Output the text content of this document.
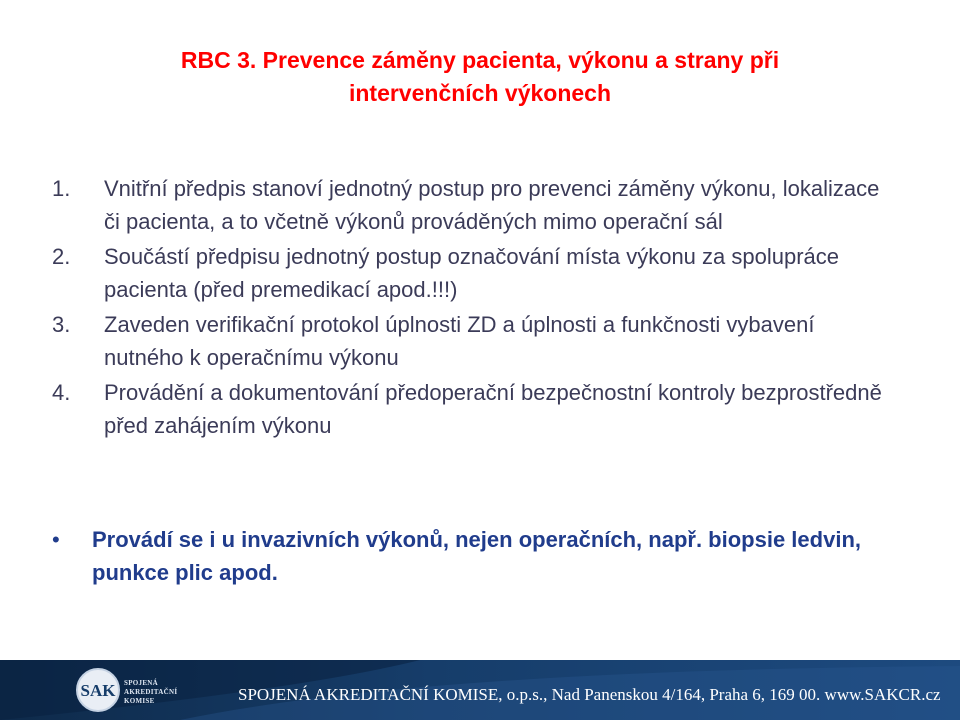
RBC 3. Prevence záměny pacienta, výkonu a strany při
intervenčních výkonech
1.	Vnitřní předpis stanoví jednotný postup pro prevenci záměny výkonu, lokalizace či pacienta, a to včetně výkonů prováděných mimo operační sál
2.	Součástí předpisu jednotný postup označování místa výkonu za spolupráce pacienta (před premedikací apod.!!!)
3.	Zaveden verifikační protokol úplnosti ZD a úplnosti a funkčnosti vybavení nutného k operačnímu výkonu
4.	Provádění a dokumentování předoperační bezpečnostní kontroly bezprostředně před zahájením výkonu
•	Provádí se i u invazivních výkonů, nejen operačních, např. biopsie ledvin, punkce plic apod.
SAK SPOJENÁ
AKREDITAČNÍ
KOMISE	SPOJENÁ AKREDITAČNÍ KOMISE, o.p.s., Nad Panenskou 4/164, Praha 6, 169 00. www.SAKCR.cz
